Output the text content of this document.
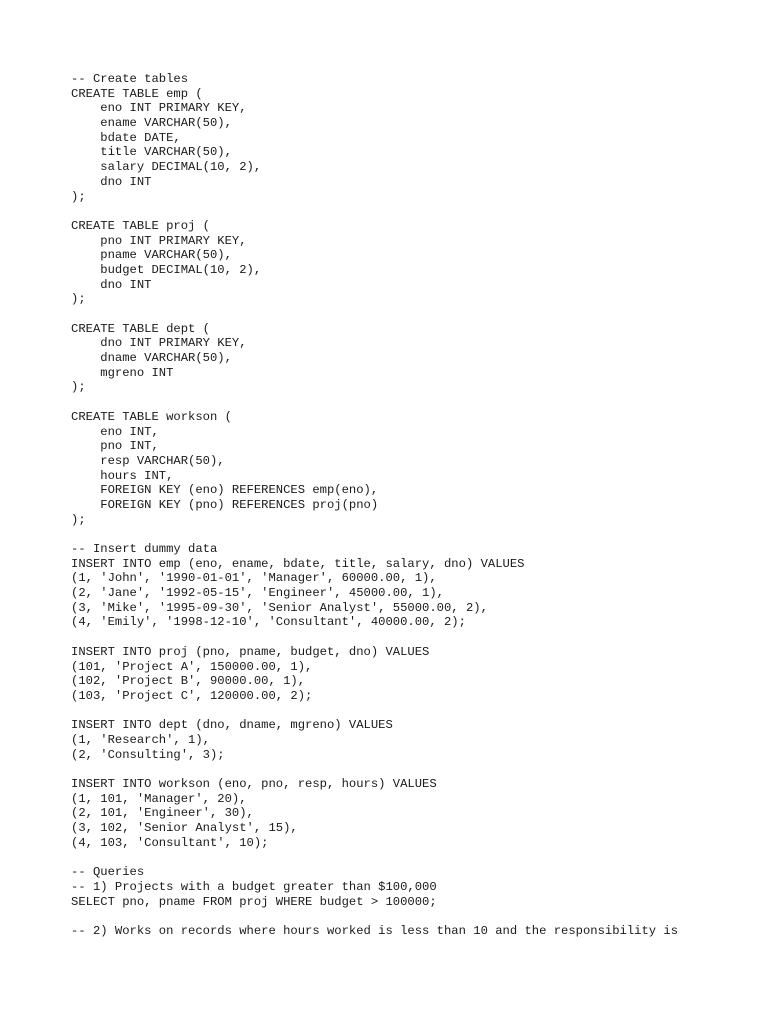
-- Create tables
CREATE TABLE emp (
eno INT PRIMARY KEY,
ename VARCHAR(50),
bdate DATE,
title VARCHAR(50),
salary DECIMAL(10, 2),
dno INT
);
CREATE TABLE proj (
pno INT PRIMARY KEY,
pname VARCHAR(50),
budget DECIMAL(10, 2),
dno INT
);
CREATE TABLE dept (
dno INT PRIMARY KEY,
dname VARCHAR(50),
mgreno INT
);
CREATE TABLE workson (
eno INT,
pno INT,
resp VARCHAR(50),
hours INT,
FOREIGN KEY (eno) REFERENCES emp(eno),
FOREIGN KEY (pno) REFERENCES proj(pno)
);
-- Insert dummy data
INSERT INTO emp (eno, ename, bdate, title, salary, dno) VALUES
(1, 'John', '1990-01-01', 'Manager', 60000.00, 1),
(2, 'Jane', '1992-05-15', 'Engineer', 45000.00, 1),
(3, 'Mike', '1995-09-30', 'Senior Analyst', 55000.00, 2),
(4, 'Emily', '1998-12-10', 'Consultant', 40000.00, 2);
INSERT INTO proj (pno, pname, budget, dno) VALUES
(101, 'Project A', 150000.00, 1),
(102, 'Project B', 90000.00, 1),
(103, 'Project C', 120000.00, 2);
INSERT INTO dept (dno, dname, mgreno) VALUES
(1, 'Research', 1),
(2, 'Consulting', 3);
INSERT INTO workson (eno, pno, resp, hours) VALUES
(1, 101, 'Manager', 20),
(2, 101, 'Engineer', 30),
(3, 102, 'Senior Analyst', 15),
(4, 103, 'Consultant', 10);
-- Queries
-- 1) Projects with a budget greater than $100,000
SELECT pno, pname FROM proj WHERE budget > 100000;
-- 2) Works on records where hours worked is less than 10 and the responsibility is
